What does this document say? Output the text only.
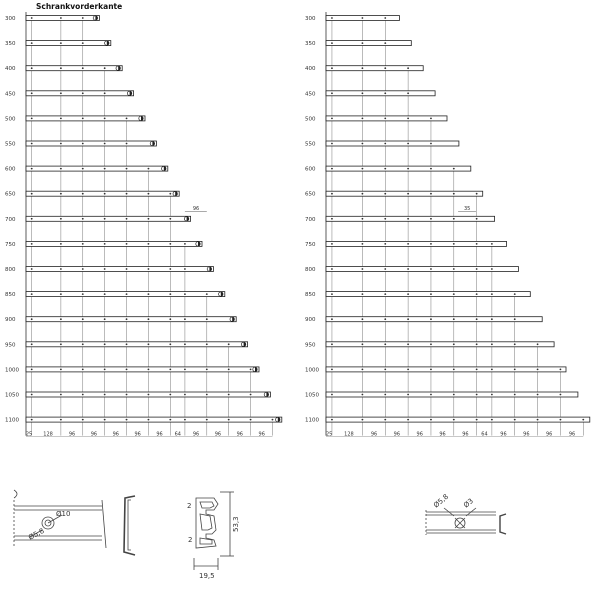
300
350
400
450
500
550
600
650
700
750
800
850
900
950
1000
1050
1100
96
25 128	96	96	96	96	96 64 96	96	96	96
300
350
400
450
500
550
600
650
700
750
800
850
900
950
1000
1050
1100
35
25 128	96	96	96	96	96	64	96	96	96	96
Schrankvorderkante
Ø10
Ø5,8
2
2
53,3
19,5
Ø5,8 Ø3
